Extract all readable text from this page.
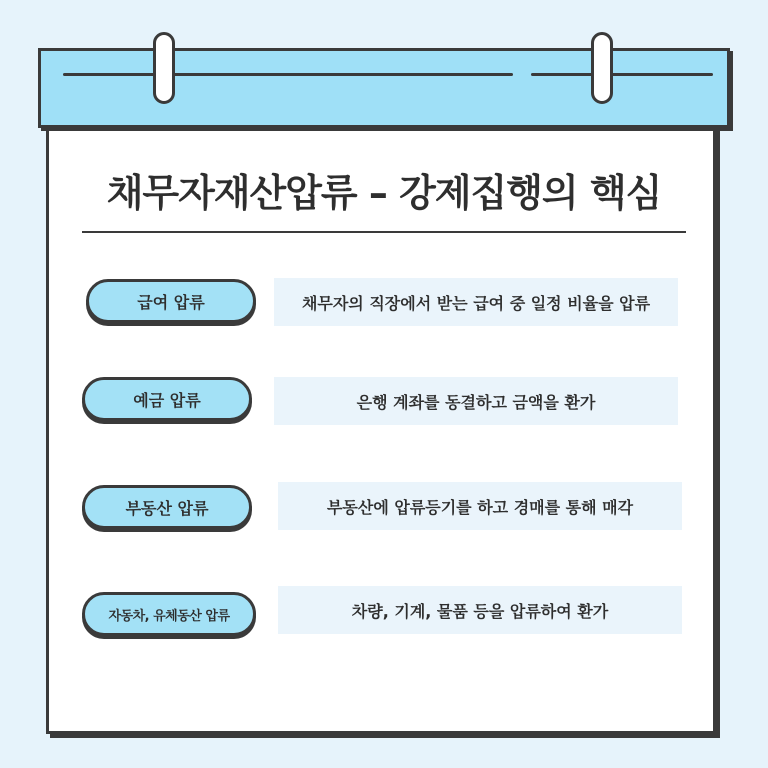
채무자재산압류 – 강제집행의 핵심
급여 압류	채무자의 직장에서 받는 급여 중 일정 비율을 압류
예금 압류	은행 계좌를 동결하고 금액을 환가
부동산 압류	부동산에 압류등기를 하고 경매를 통해 매각
자동차, 유체동산 압류	차량, 기계, 물품 등을 압류하여 환가
